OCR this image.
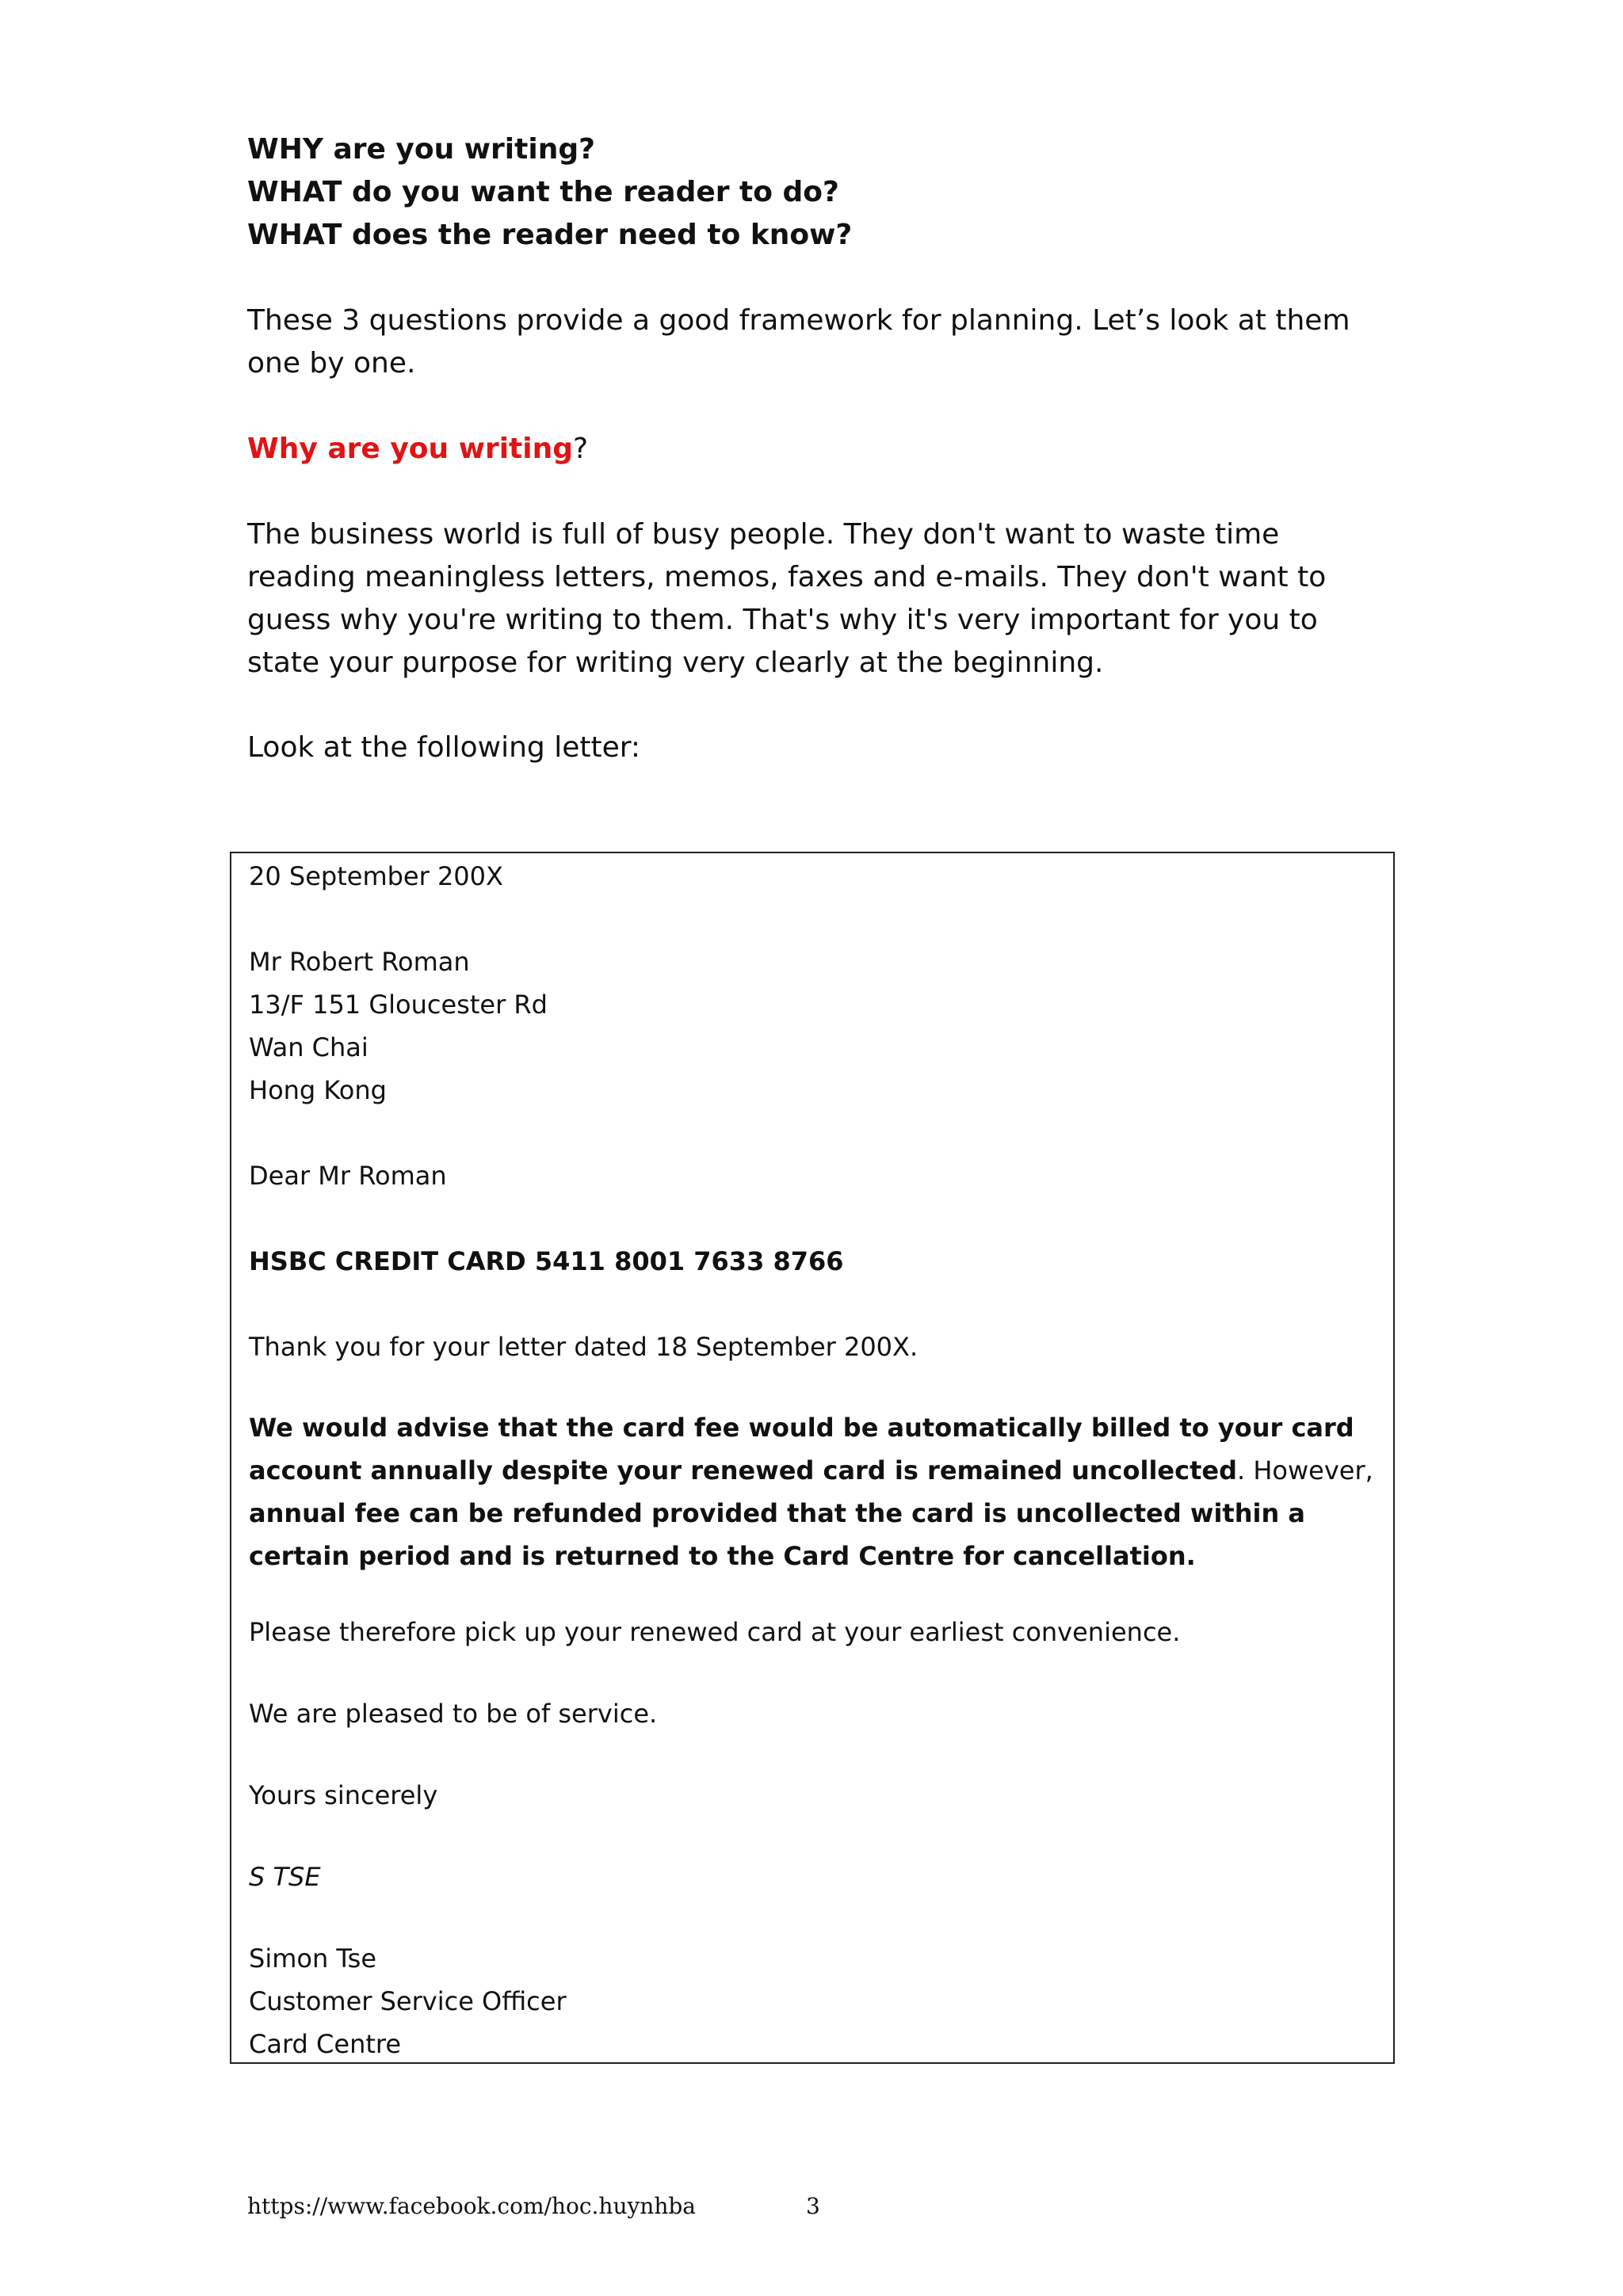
WHY are you writing?

WHAT do you want the reader to do?

WHAT does the reader need to know?

These 3 questions provide a good framework for planning. Let’s look at them one by one.

Why are you writing?

The business world is full of busy people. They don't want to waste time reading meaningless letters, memos, faxes and e-mails. They don't want to guess why you're writing to them. That's why it's very important for you to state your purpose for writing very clearly at the beginning.

Look at the following letter:

20 September 200X
Mr Robert Roman
13/F 151 Gloucester Rd
Wan Chai
Hong Kong
Dear Mr Roman
HSBC CREDIT CARD 5411 8001 7633 8766
Thank you for your letter dated 18 September 200X.
We would advise that the card fee would be automatically billed to your card account annually despite your renewed card is remained uncollected. However, annual fee can be refunded provided that the card is uncollected within a certain period and is returned to the Card Centre for cancellation.
Please therefore pick up your renewed card at your earliest convenience.
We are pleased to be of service.
Yours sincerely
S TSE
Simon Tse
Customer Service Officer
Card Centre
https://www.facebook.com/hoc.huynhba	3
